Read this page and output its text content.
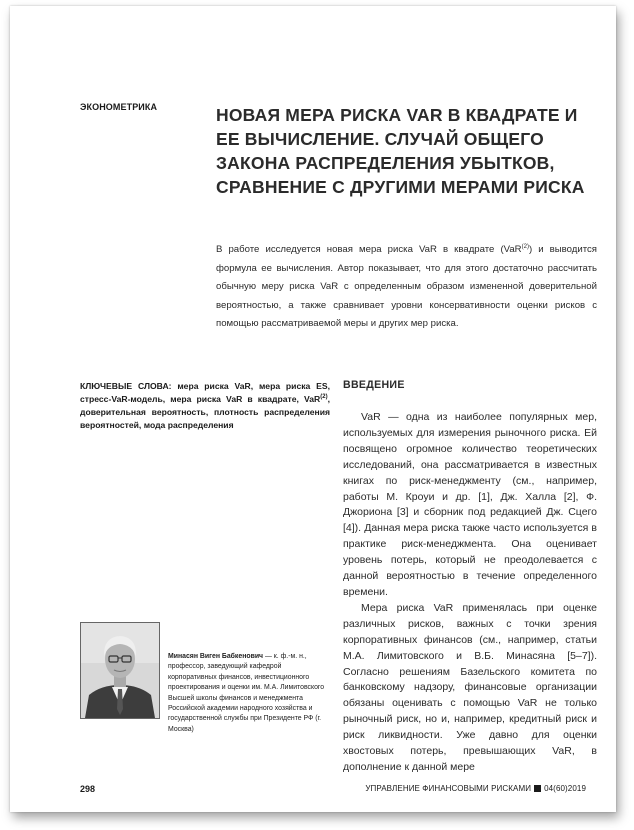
ЭКОНОМЕТРИКА	НОВАЯ МЕРА РИСКА VAR В КВАДРАТЕ И ЕЕ ВЫЧИСЛЕНИЕ. СЛУЧАЙ ОБЩЕГО ЗАКОНА РАСПРЕДЕЛЕНИЯ УБЫТКОВ, СРАВНЕНИЕ С ДРУГИМИ МЕРАМИ РИСКА

В работе исследуется новая мера риска VaR в квадрате (VaR$^{(2)}$) и выводится формула ее вычисления. Автор показывает, что для этого достаточно рассчитать обычную меру риска VaR с определенным образом измененной доверительной вероятностью, а также сравнивает уровни консервативности оценки рисков с помощью рассматриваемой меры и других мер риска.

КЛЮЧЕВЫЕ СЛОВА: мера риска VaR, мера риска ES, стресс-VaR-модель, мера риска VaR в квадрате, VaR$^{(2)}$, доверительная вероятность, плотность распределения вероятностей, мода распределения
ВВЕДЕНИЕ

VaR — одна из наиболее популярных мер, используемых для измерения рыночного риска. Ей посвящено огромное количество теоретических исследований, она рассматривается в известных книгах по риск-менеджменту (см., например, работы М. Кроуи и др. [1], Дж. Халла [2], Ф. Джориона [3] и сборник под редакцией Дж. Сцего [4]). Данная мера риска также часто используется в практике риск-менеджмента. Она оценивает уровень потерь, который не преодолевается с данной вероятностью в течение определенного времени.

Мера риска VaR применялась при оценке различных рисков, важных с точки зрения корпоративных финансов (см., например, статьи М.А. Лимитовского и В.Б. Минасяна [5–7]). Согласно решениям Базельского комитета по банковскому надзору, финансовые организации обязаны оценивать с помощью VaR не только рыночный риск, но и, например, кредитный риск и риск ликвидности. Уже давно для оценки хвостовых потерь, превышающих VaR, в дополнение к данной мере

Минасян Виген Бабкенович — к. ф.-м. н., профессор, заведующий кафедрой корпоративных финансов, инвестиционного проектирования и оценки им. М.А. Лимитовского Высшей школы финансов и менеджмента Российской академии народного хозяйства и государственной службы при Президенте РФ (г. Москва)
298	УПРАВЛЕНИЕ ФИНАНСОВЫМИ РИСКАМИ 04(60)2019
